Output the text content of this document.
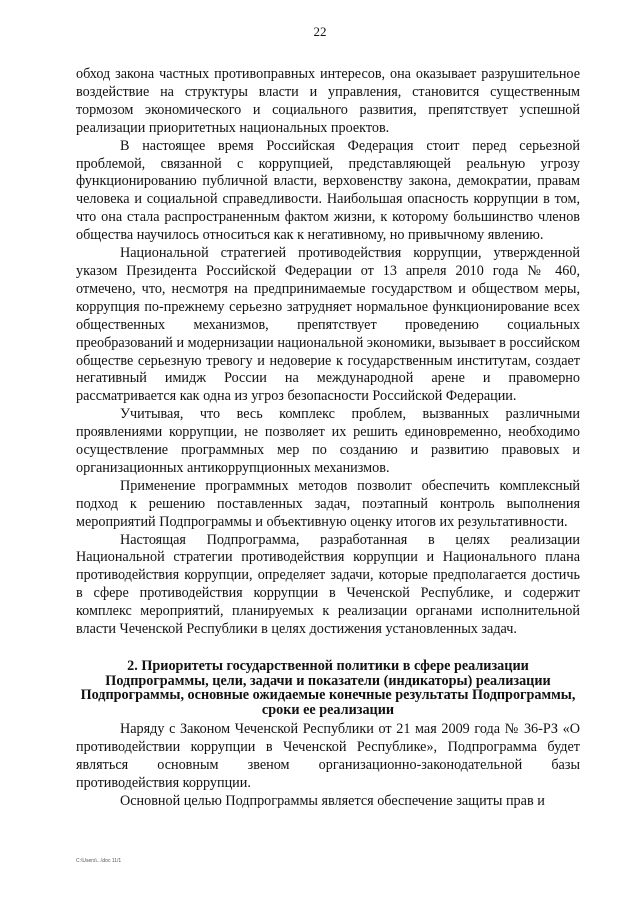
22

обход закона частных противоправных интересов, она оказывает разрушительное воздействие на структуры власти и управления, становится существенным тормозом экономического и социального развития, препятствует успешной реализации приоритетных национальных проектов.

В настоящее время Российская Федерация стоит перед серьезной проблемой, связанной с коррупцией, представляющей реальную угрозу функционированию публичной власти, верховенству закона, демократии, правам человека и социальной справедливости. Наибольшая опасность коррупции в том, что она стала распространенным фактом жизни, к которому большинство членов общества научилось относиться как к негативному, но привычному явлению.

Национальной стратегией противодействия коррупции, утвержденной указом Президента Российской Федерации от 13 апреля 2010 года № 460, отмечено, что, несмотря на предпринимаемые государством и обществом меры, коррупция по-прежнему серьезно затрудняет нормальное функционирование всех общественных механизмов, препятствует проведению социальных преобразований и модернизации национальной экономики, вызывает в российском обществе серьезную тревогу и недоверие к государственным институтам, создает негативный имидж России на международной арене и правомерно рассматривается как одна из угроз безопасности Российской Федерации.

Учитывая, что весь комплекс проблем, вызванных различными проявлениями коррупции, не позволяет их решить единовременно, необходимо осуществление программных мер по созданию и развитию правовых и организационных антикоррупционных механизмов.

Применение программных методов позволит обеспечить комплексный подход к решению поставленных задач, поэтапный контроль выполнения мероприятий Подпрограммы и объективную оценку итогов их результативности.

Настоящая Подпрограмма, разработанная в целях реализации Национальной стратегии противодействия коррупции и Национального плана противодействия коррупции, определяет задачи, которые предполагается достичь в сфере противодействия коррупции в Чеченской Республике, и содержит комплекс мероприятий, планируемых к реализации органами исполнительной власти Чеченской Республики в целях достижения установленных задач.

2. Приоритеты государственной политики в сфере реализации Подпрограммы, цели, задачи и показатели (индикаторы) реализации Подпрограммы, основные ожидаемые конечные результаты Подпрограммы, сроки ее реализации

Наряду с Законом Чеченской Республики от 21 мая 2009 года № 36-РЗ «О противодействии коррупции в Чеченской Республике», Подпрограмма будет являться основным звеном организационно-законодательной базы противодействия коррупции.

Основной целью Подпрограммы является обеспечение защиты прав и

C:\Users\...\doc 11/1
